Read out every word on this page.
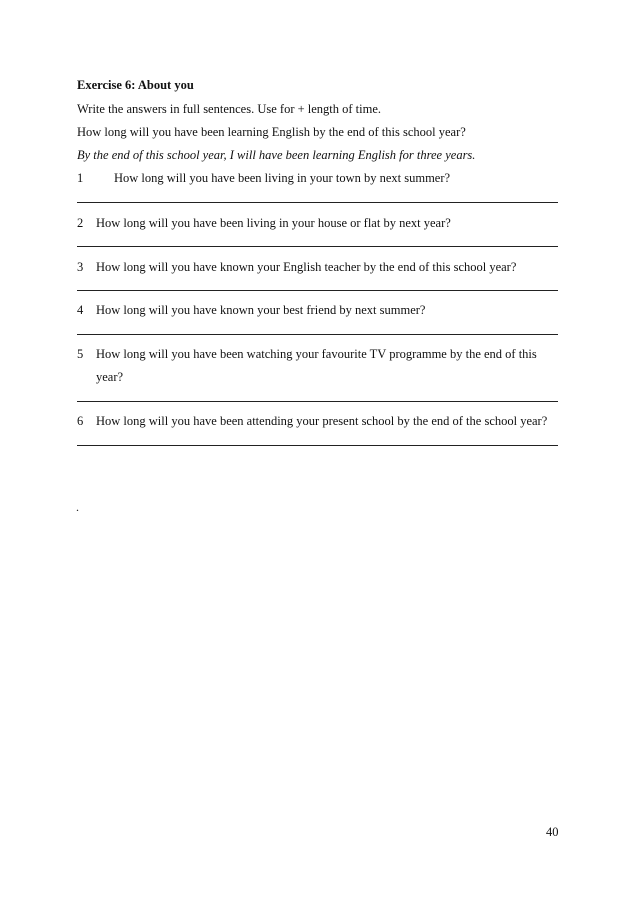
Exercise 6: About you
Write the answers in full sentences. Use for + length of time.
How long will you have been learning English by the end of this school year?
By the end of this school year, I will have been learning English for three years.
1 How long will you have been living in your town by next summer?
2 How long will you have been living in your house or flat by next year?
3 How long will you have known your English teacher by the end of this school year?
4 How long will you have known your best friend by next summer?
5 How long will you have been watching your favourite TV programme by the end of this
year?
6 How long will you have been attending your present school by the end of the school year?
.
40
